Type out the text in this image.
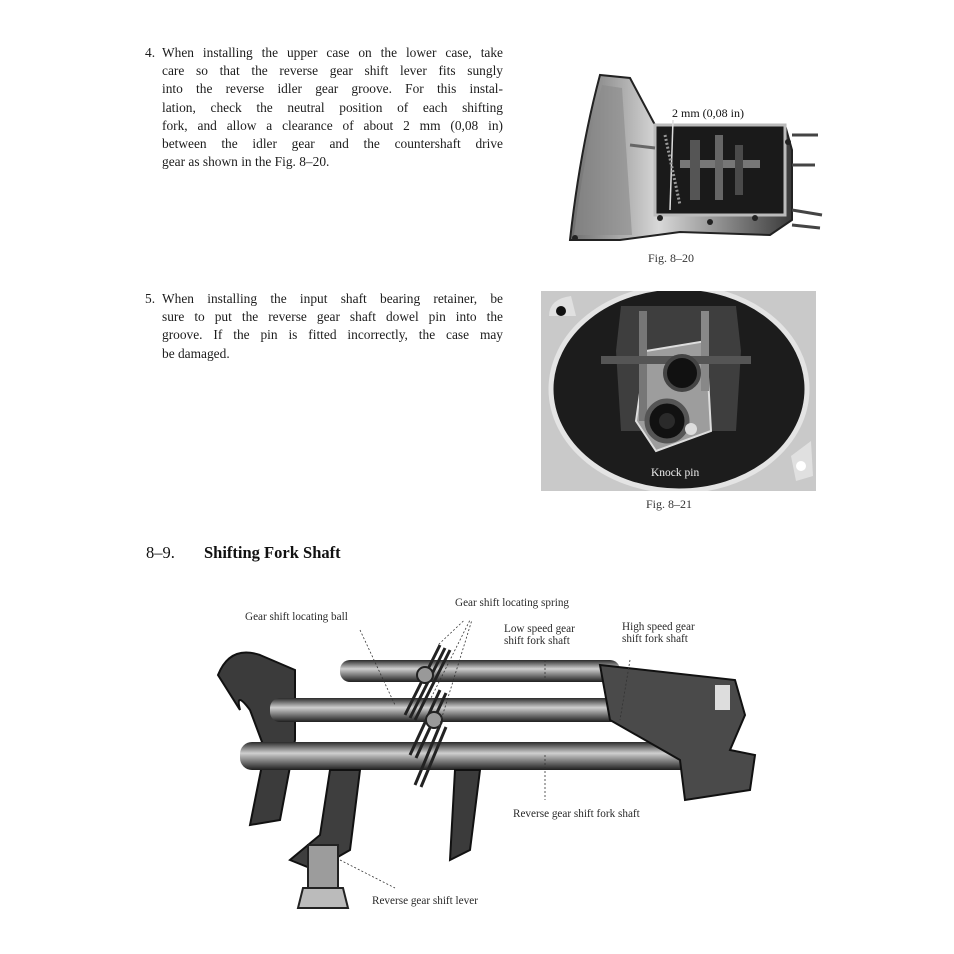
4. When installing the upper case on the lower case, take
care so that the reverse gear shift lever fits sungly
into the reverse idler gear groove. For this instal-
lation, check the neutral position of each shifting
fork, and allow a clearance of about 2 mm (0,08 in)
between the idler gear and the countershaft drive
gear as shown in the Fig. 8–20.
2 mm (0,08 in)
Fig. 8–20
5. When installing the input shaft bearing retainer, be
sure to put the reverse gear shaft dowel pin into the
groove. If the pin is fitted incorrectly, the case may
be damaged.
Knock pin
Fig. 8–21
8–9. Shifting Fork Shaft
Gear shift locating ball
Gear shift locating spring
Low speed gear
shift fork shaft
High speed gear
shift fork shaft
Reverse gear shift fork shaft
Reverse gear shift lever
